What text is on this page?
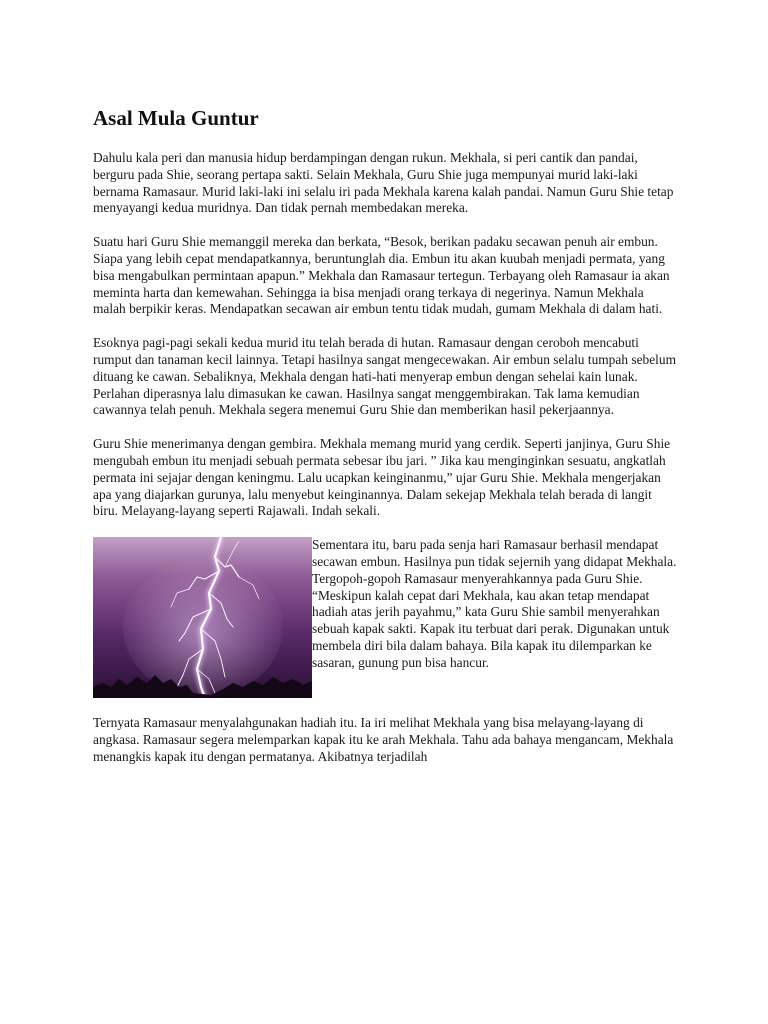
Asal Mula Guntur

Dahulu kala peri dan manusia hidup berdampingan dengan rukun. Mekhala, si peri cantik dan pandai, berguru pada Shie, seorang pertapa sakti. Selain Mekhala, Guru Shie juga mempunyai murid laki-laki bernama Ramasaur. Murid laki-laki ini selalu iri pada Mekhala karena kalah pandai. Namun Guru Shie tetap menyayangi kedua muridnya. Dan tidak pernah membedakan mereka.

Suatu hari Guru Shie memanggil mereka dan berkata, “Besok, berikan padaku secawan penuh air embun. Siapa yang lebih cepat mendapatkannya, beruntunglah dia. Embun itu akan kuubah menjadi permata, yang bisa mengabulkan permintaan apapun.” Mekhala dan Ramasaur tertegun. Terbayang oleh Ramasaur ia akan meminta harta dan kemewahan. Sehingga ia bisa menjadi orang terkaya di negerinya. Namun Mekhala malah berpikir keras. Mendapatkan secawan air embun tentu tidak mudah, gumam Mekhala di dalam hati.

Esoknya pagi-pagi sekali kedua murid itu telah berada di hutan. Ramasaur dengan ceroboh mencabuti rumput dan tanaman kecil lainnya. Tetapi hasilnya sangat mengecewakan. Air embun selalu tumpah sebelum dituang ke cawan. Sebaliknya, Mekhala dengan hati-hati menyerap embun dengan sehelai kain lunak. Perlahan diperasnya lalu dimasukan ke cawan. Hasilnya sangat menggembirakan. Tak lama kemudian cawannya telah penuh. Mekhala segera menemui Guru Shie dan memberikan hasil pekerjaannya.

Guru Shie menerimanya dengan gembira. Mekhala memang murid yang cerdik. Seperti janjinya, Guru Shie mengubah embun itu menjadi sebuah permata sebesar ibu jari. ” Jika kau menginginkan sesuatu, angkatlah permata ini sejajar dengan keningmu. Lalu ucapkan keinginanmu,” ujar Guru Shie. Mekhala mengerjakan apa yang diajarkan gurunya, lalu menyebut keinginannya. Dalam sekejap Mekhala telah berada di langit biru. Melayang-layang seperti Rajawali. Indah sekali.

Sementara itu, baru pada senja hari Ramasaur berhasil mendapat secawan embun. Hasilnya pun tidak sejernih yang didapat Mekhala. Tergopoh-gopoh Ramasaur menyerahkannya pada Guru Shie. “Meskipun kalah cepat dari Mekhala, kau akan tetap mendapat hadiah atas jerih payahmu,” kata Guru Shie sambil menyerahkan sebuah kapak sakti. Kapak itu terbuat dari perak. Digunakan untuk membela diri bila dalam bahaya. Bila kapak itu dilemparkan ke sasaran, gunung pun bisa hancur.

Ternyata Ramasaur menyalahgunakan hadiah itu. Ia iri melihat Mekhala yang bisa melayang-layang di angkasa. Ramasaur segera melemparkan kapak itu ke arah Mekhala. Tahu ada bahaya mengancam, Mekhala menangkis kapak itu dengan permatanya. Akibatnya terjadilah
